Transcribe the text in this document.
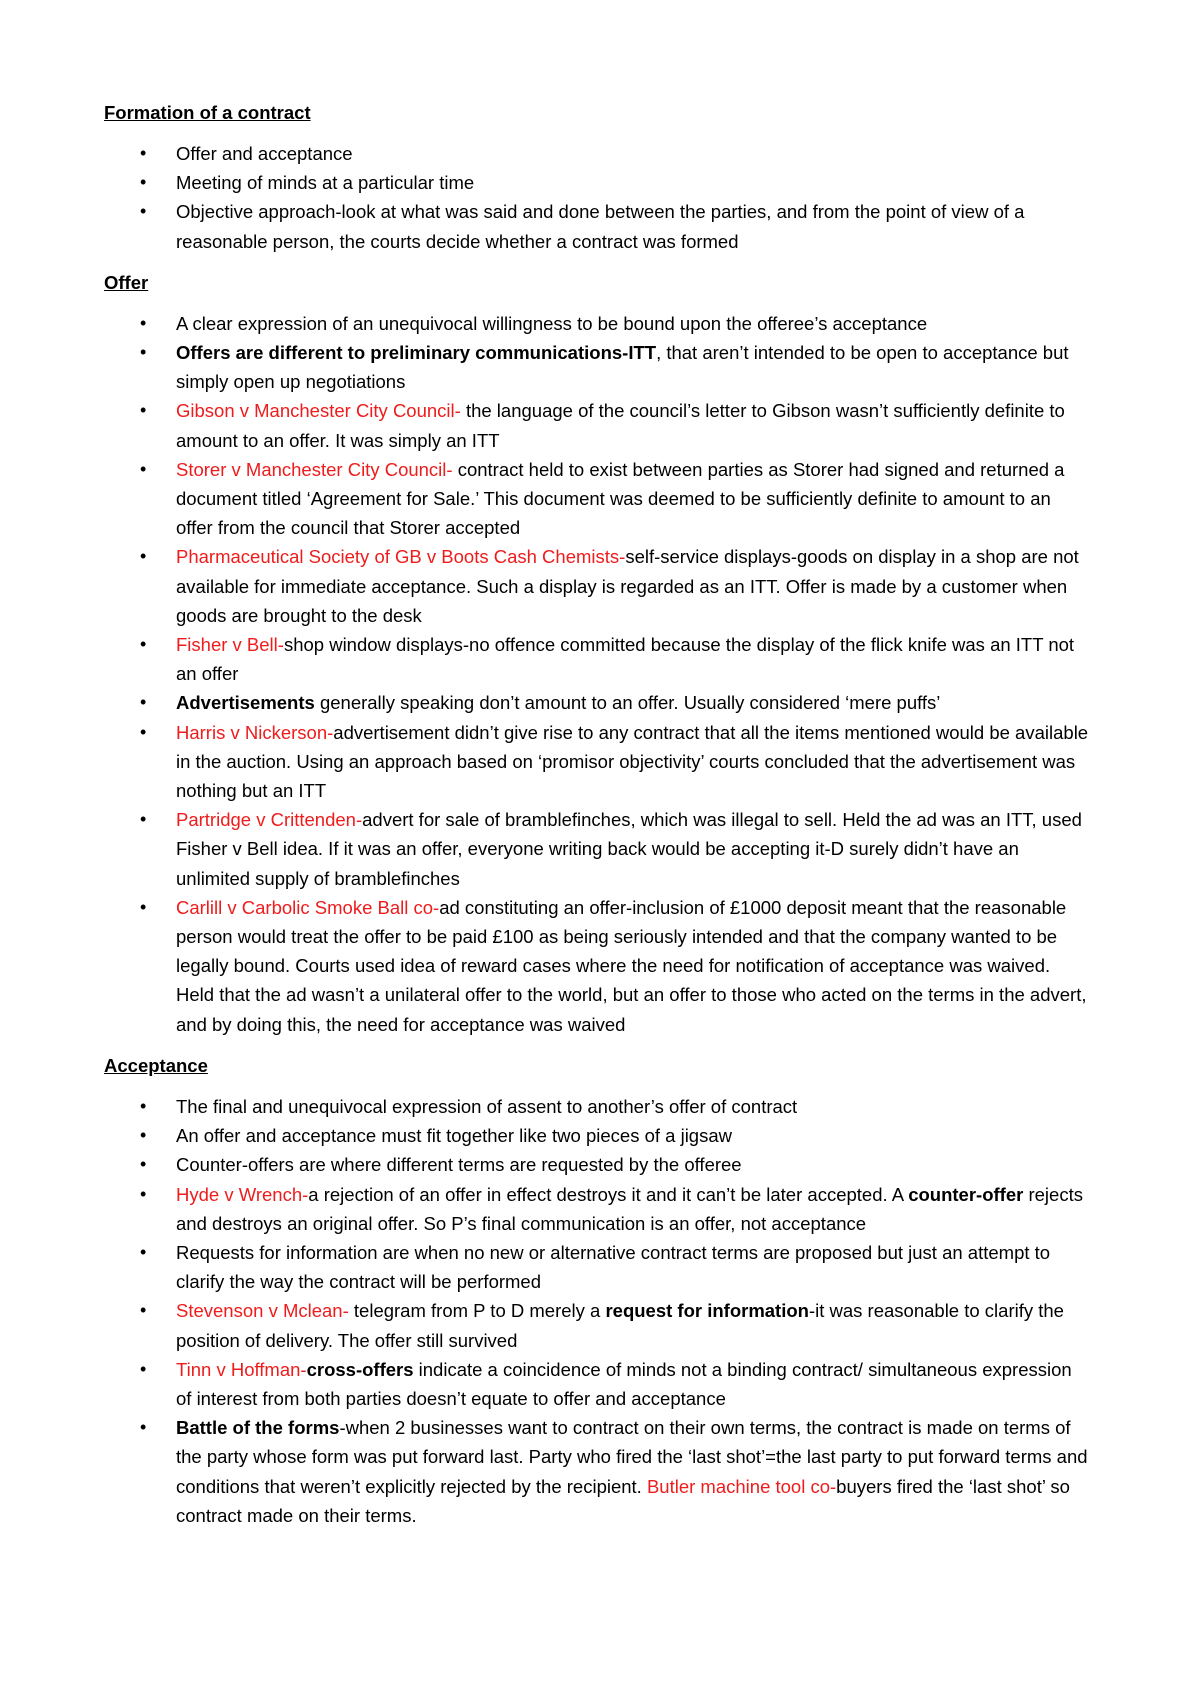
Formation of a contract
• Offer and acceptance
• Meeting of minds at a particular time
• Objective approach-look at what was said and done between the parties, and from the point of view of a reasonable person, the courts decide whether a contract was formed
Offer
• A clear expression of an unequivocal willingness to be bound upon the offeree’s acceptance
• Offers are different to preliminary communications-ITT, that aren’t intended to be open to acceptance but simply open up negotiations
• Gibson v Manchester City Council- the language of the council’s letter to Gibson wasn’t sufficiently definite to amount to an offer. It was simply an ITT
• Storer v Manchester City Council- contract held to exist between parties as Storer had signed and returned a document titled ‘Agreement for Sale.’ This document was deemed to be sufficiently definite to amount to an offer from the council that Storer accepted
• Pharmaceutical Society of GB v Boots Cash Chemists-self-service displays-goods on display in a shop are not available for immediate acceptance. Such a display is regarded as an ITT. Offer is made by a customer when goods are brought to the desk
• Fisher v Bell-shop window displays-no offence committed because the display of the flick knife was an ITT not an offer
• Advertisements generally speaking don’t amount to an offer. Usually considered ‘mere puffs’
• Harris v Nickerson-advertisement didn’t give rise to any contract that all the items mentioned would be available in the auction. Using an approach based on ‘promisor objectivity’ courts concluded that the advertisement was nothing but an ITT
• Partridge v Crittenden-advert for sale of bramblefinches, which was illegal to sell. Held the ad was an ITT, used Fisher v Bell idea. If it was an offer, everyone writing back would be accepting it-D surely didn’t have an unlimited supply of bramblefinches
• Carlill v Carbolic Smoke Ball co-ad constituting an offer-inclusion of £1000 deposit meant that the reasonable person would treat the offer to be paid £100 as being seriously intended and that the company wanted to be legally bound. Courts used idea of reward cases where the need for notification of acceptance was waived. Held that the ad wasn’t a unilateral offer to the world, but an offer to those who acted on the terms in the advert, and by doing this, the need for acceptance was waived
Acceptance
• The final and unequivocal expression of assent to another’s offer of contract
• An offer and acceptance must fit together like two pieces of a jigsaw
• Counter-offers are where different terms are requested by the offeree
• Hyde v Wrench-a rejection of an offer in effect destroys it and it can’t be later accepted. A counter-offer rejects and destroys an original offer. So P’s final communication is an offer, not acceptance
• Requests for information are when no new or alternative contract terms are proposed but just an attempt to clarify the way the contract will be performed
• Stevenson v Mclean- telegram from P to D merely a request for information-it was reasonable to clarify the position of delivery. The offer still survived
• Tinn v Hoffman-cross-offers indicate a coincidence of minds not a binding contract/ simultaneous expression of interest from both parties doesn’t equate to offer and acceptance
• Battle of the forms-when 2 businesses want to contract on their own terms, the contract is made on terms of the party whose form was put forward last. Party who fired the ‘last shot’=the last party to put forward terms and conditions that weren’t explicitly rejected by the recipient. Butler machine tool co-buyers fired the ‘last shot’ so contract made on their terms.
